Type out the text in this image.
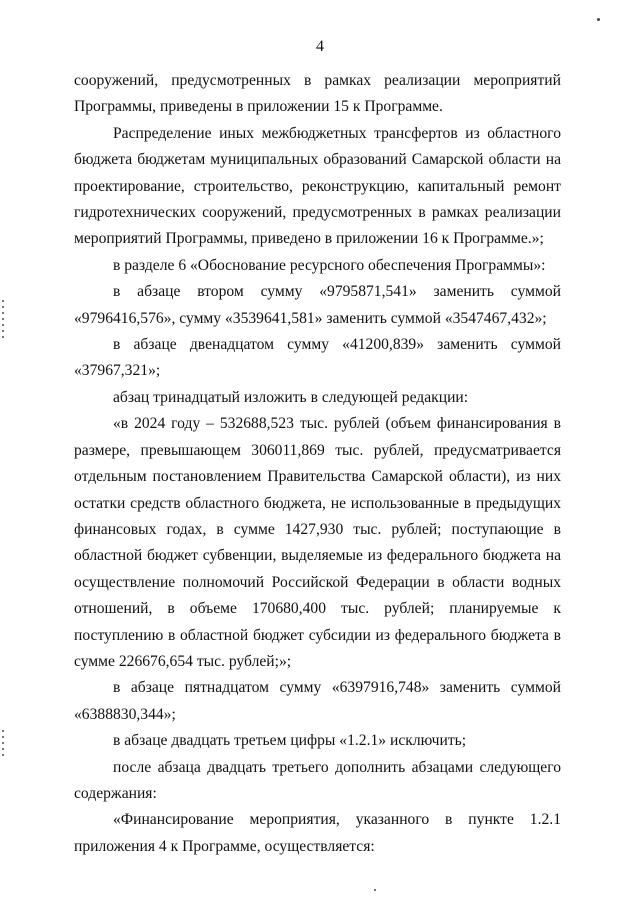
4

сооружений, предусмотренных в рамках реализации мероприятий Программы, приведены в приложении 15 к Программе.

Распределение иных межбюджетных трансфертов из областного бюджета бюджетам муниципальных образований Самарской области на проектирование, строительство, реконструкцию, капитальный ремонт гидротехнических сооружений, предусмотренных в рамках реализации мероприятий Программы, приведено в приложении 16 к Программе.»;

в разделе 6 «Обоснование ресурсного обеспечения Программы»:

в абзаце втором сумму «9795871,541» заменить суммой «9796416,576», сумму «3539641,581» заменить суммой «3547467,432»;

в абзаце двенадцатом сумму «41200,839» заменить суммой «37967,321»;

абзац тринадцатый изложить в следующей редакции:

«в 2024 году – 532688,523 тыс. рублей (объем финансирования в размере, превышающем 306011,869 тыс. рублей, предусматривается отдельным постановлением Правительства Самарской области), из них остатки средств областного бюджета, не использованные в предыдущих финансовых годах, в сумме 1427,930 тыс. рублей; поступающие в областной бюджет субвенции, выделяемые из федерального бюджета на осуществление полномочий Российской Федерации в области водных отношений, в объеме 170680,400 тыс. рублей; планируемые к поступлению в областной бюджет субсидии из федерального бюджета в сумме 226676,654 тыс. рублей;»;

в абзаце пятнадцатом сумму «6397916,748» заменить суммой «6388830,344»;

в абзаце двадцать третьем цифры «1.2.1» исключить;

после абзаца двадцать третьего дополнить абзацами следующего содержания:

«Финансирование мероприятия, указанного в пункте 1.2.1 приложения 4 к Программе, осуществляется:
